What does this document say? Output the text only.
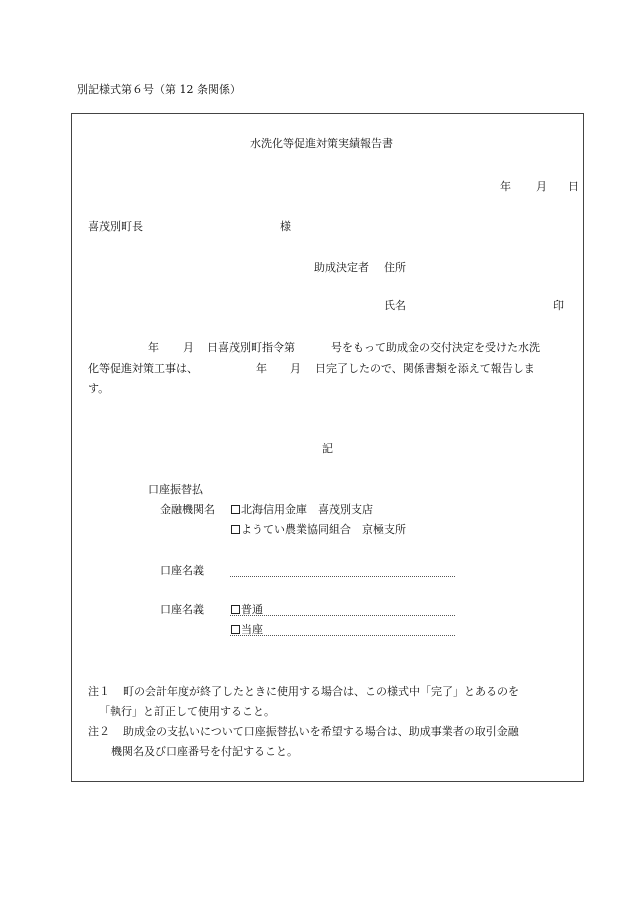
別記様式第６号（第 12 条関係）
水洗化等促進対策実績報告書
年 月 日
喜茂別町長	様
助成決定者 住所
氏名	印
年 月 日喜茂別町指令第	号をもって助成金の交付決定を受けた水洗
化等促進対策工事は、	年 月 日完了したので、関係書類を添えて報告しま
す。
記
口座振替払
金融機関名	北海信用金庫　喜茂別支店
ようてい農業協同組合　京極支所
口座名義
口座名義	普通
当座
注１ 町の会計年度が終了したときに使用する場合は、この様式中「完了」とあるのを
「執行」と訂正して使用すること。
注２ 助成金の支払いについて口座振替払いを希望する場合は、助成事業者の取引金融
機関名及び口座番号を付記すること。
